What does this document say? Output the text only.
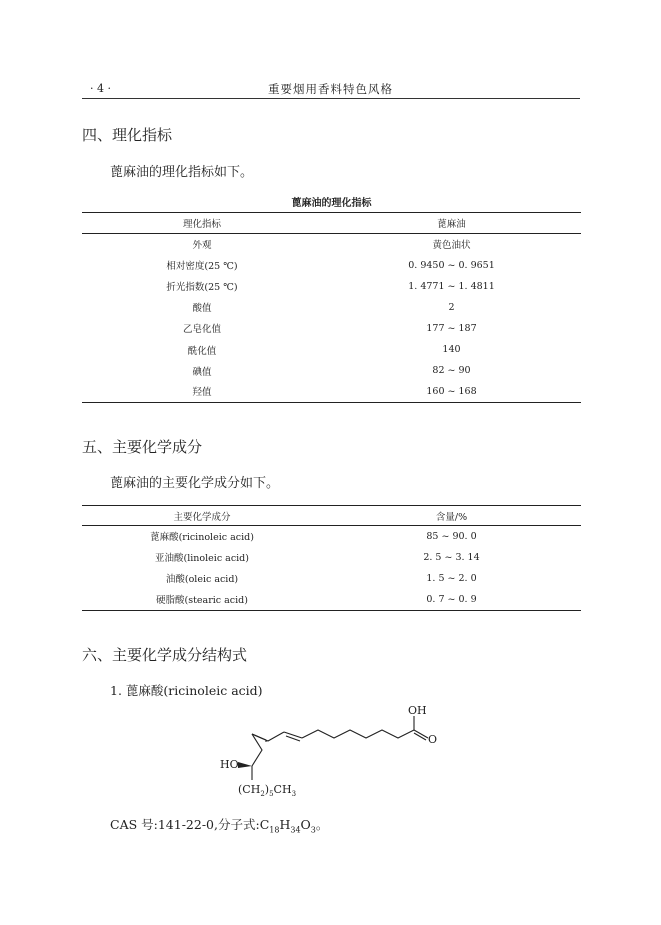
· 4 ·	重要烟用香料特色风格
四、理化指标

蓖麻油的理化指标如下。

蓖麻油的理化指标
理化指标	蓖麻油
外观	黄色油状
相对密度(25 ℃)	0. 9450 ~ 0. 9651
折光指数(25 ℃)	1. 4771 ~ 1. 4811
酸值	2
乙皂化值	177 ~ 187
酰化值	140
碘值	82 ~ 90
羟值	160 ~ 168
五、主要化学成分

蓖麻油的主要化学成分如下。

主要化学成分	含量/%
蓖麻酸(ricinoleic acid)	85 ~ 90. 0
亚油酸(linoleic acid)	2. 5 ~ 3. 14
油酸(oleic acid)	1. 5 ~ 2. 0
硬脂酸(stearic acid)	0. 7 ~ 0. 9
六、主要化学成分结构式
1. 蓖麻酸(ricinoleic acid)
OH
O
HO
$(CH_2)_5CH_3$
CAS 号:141-22-0,分子式$:C_{18}H_{34}O_3$。
